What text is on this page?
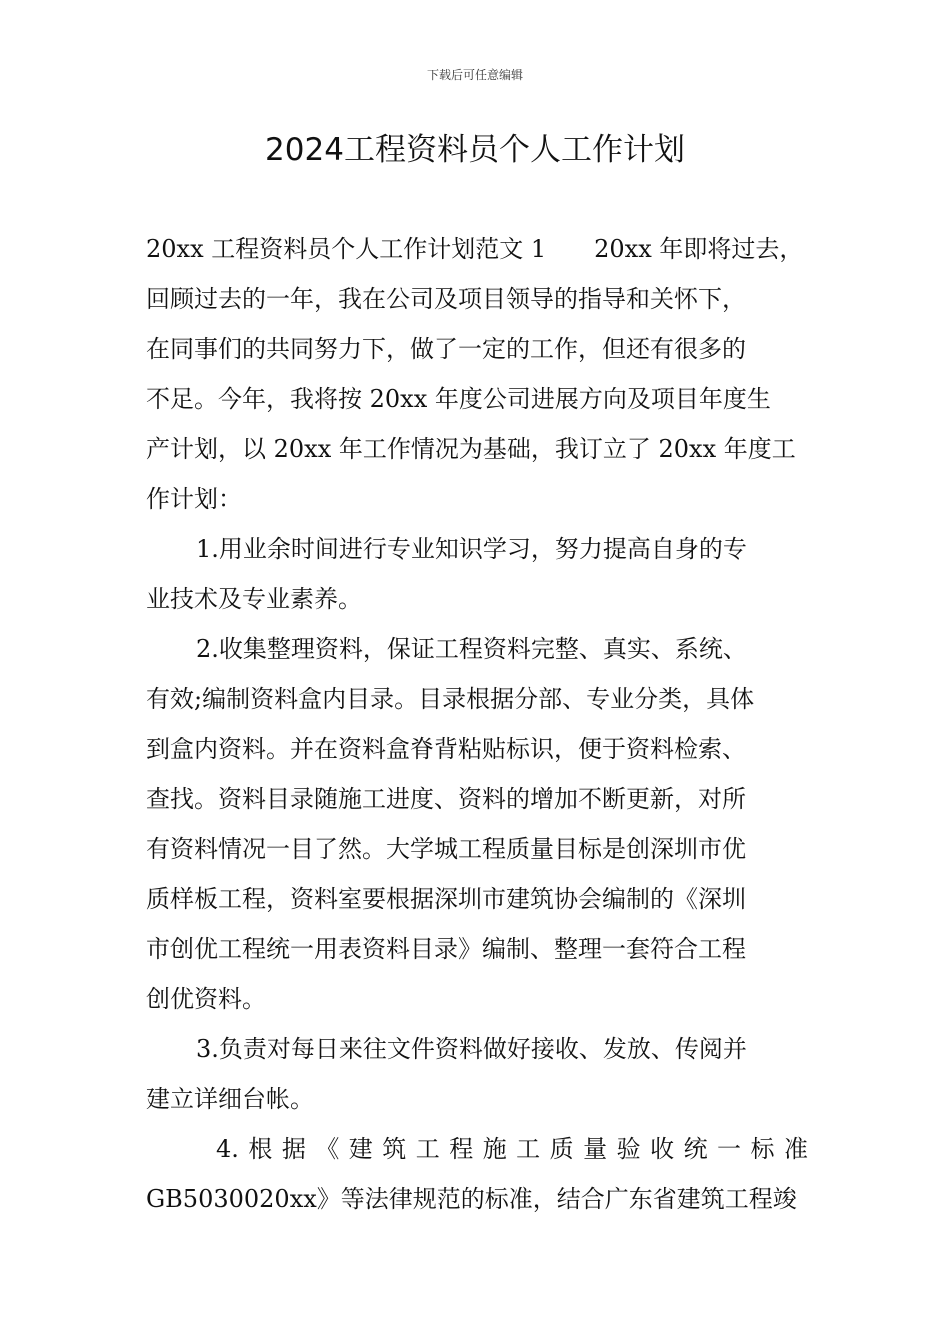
下载后可任意编辑
2024工程资料员个人工作计划
20xx 工程资料员个人工作计划范文 1　　20xx 年即将过去，
回顾过去的一年，我在公司及项目领导的指导和关怀下，
在同事们的共同努力下，做了一定的工作，但还有很多的
不足。今年，我将按 20xx 年度公司进展方向及项目年度生
产计划，以 20xx 年工作情况为基础，我订立了 20xx 年度工
作计划：
1.用业余时间进行专业知识学习，努力提高自身的专
业技术及专业素养。
2.收集整理资料，保证工程资料完整、真实、系统、
有效;编制资料盒内目录。目录根据分部、专业分类，具体
到盒内资料。并在资料盒脊背粘贴标识，便于资料检索、
查找。资料目录随施工进度、资料的增加不断更新，对所
有资料情况一目了然。大学城工程质量目标是创深圳市优
质样板工程，资料室要根据深圳市建筑协会编制的《深圳
市创优工程统一用表资料目录》编制、整理一套符合工程
创优资料。
3.负责对每日来往文件资料做好接收、发放、传阅并
建立详细台帐。
4.根据《建筑工程施工质量验收统一标准
GB5030020xx》等法律规范的标准，结合广东省建筑工程竣
